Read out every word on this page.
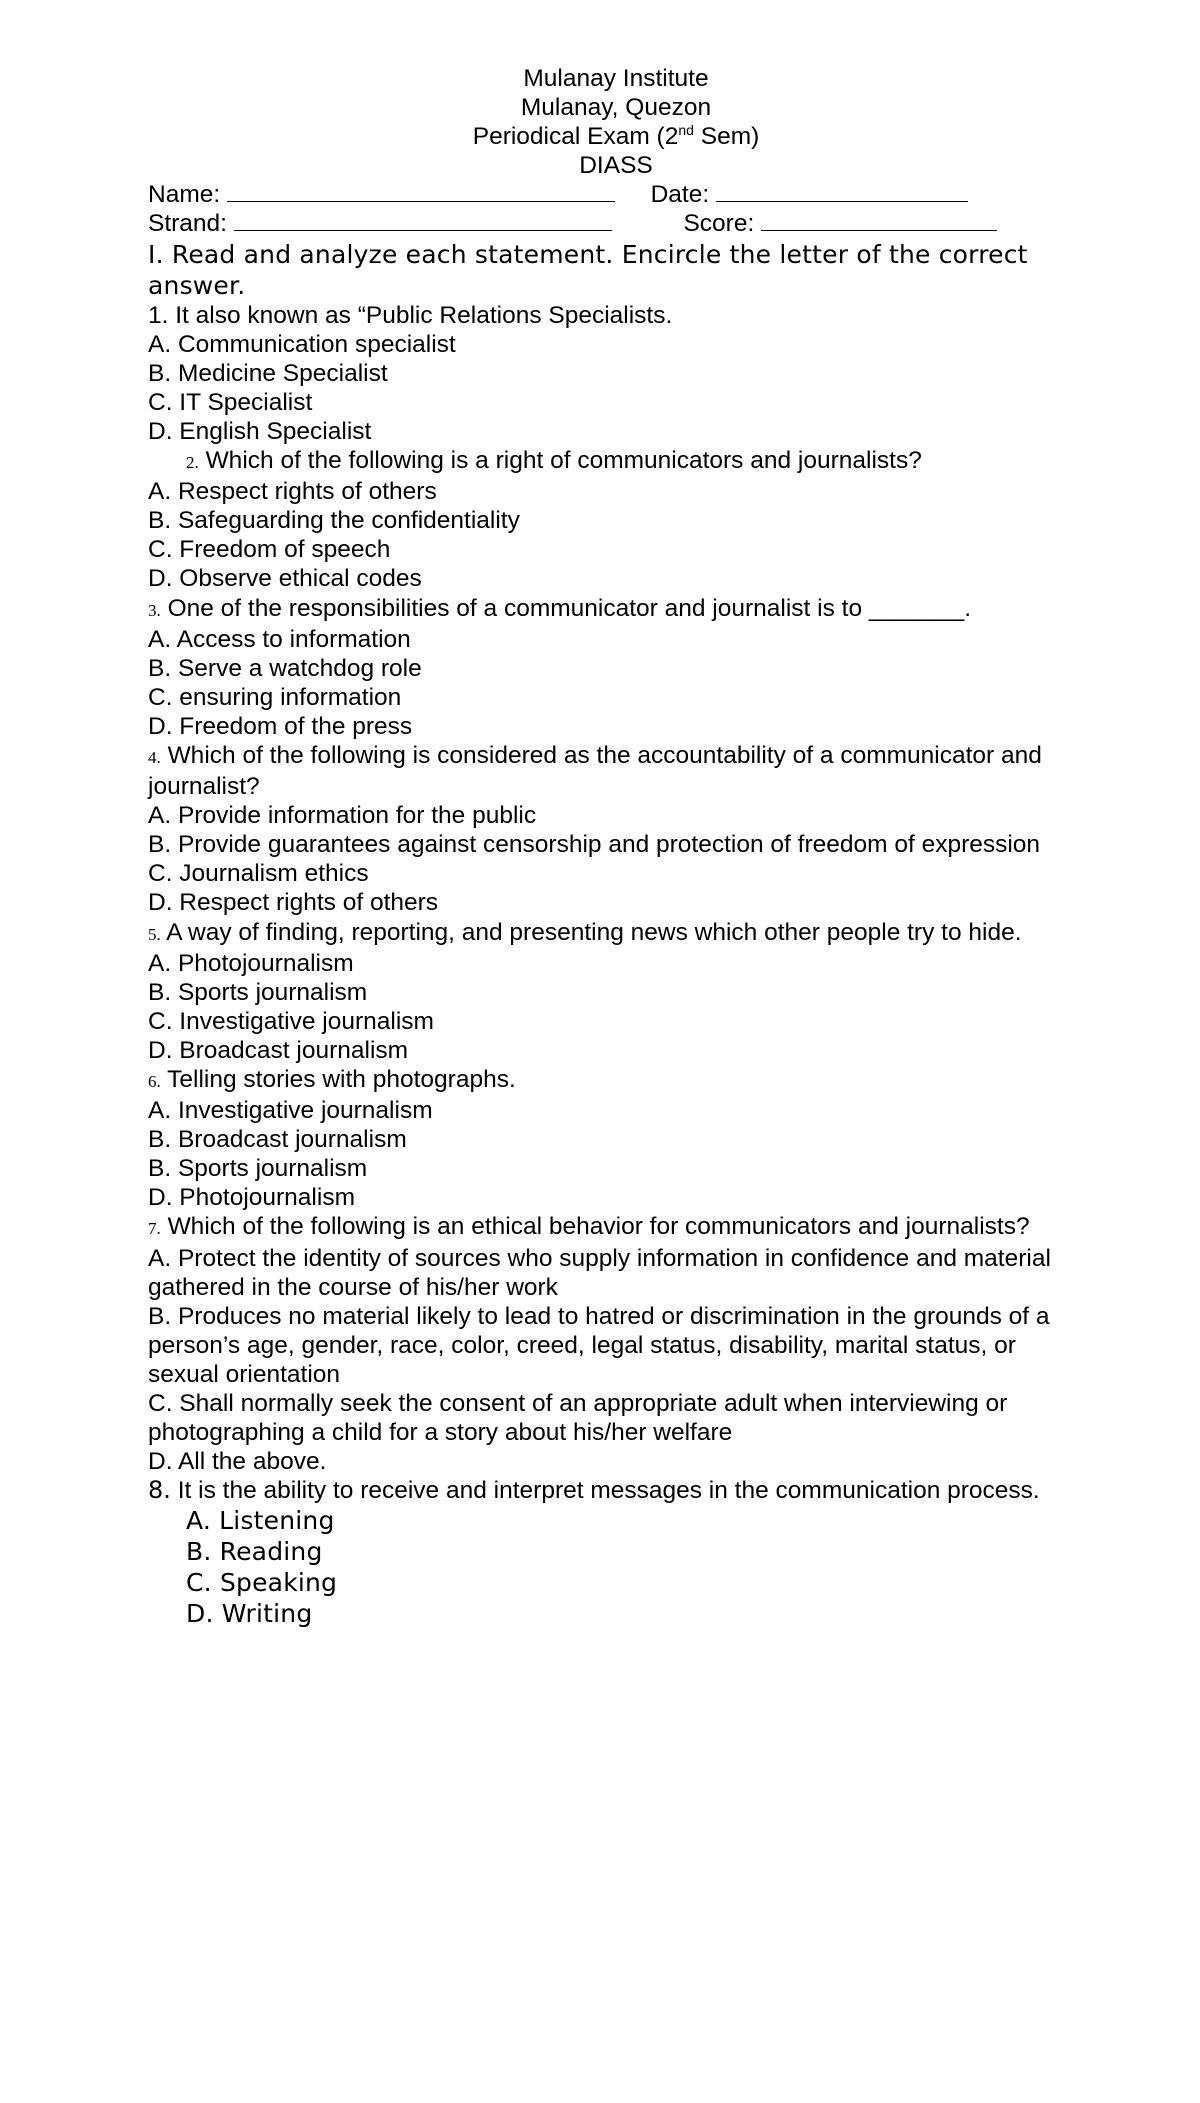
Mulanay Institute
Mulanay, Quezon
Periodical Exam (2nd Sem)
DIASS
Name:	Date:
Strand:	Score:
I. Read and analyze each statement. Encircle the letter of the correct answer.
1. It also known as “Public Relations Specialists.
A. Communication specialist
B. Medicine Specialist
C. IT Specialist
D. English Specialist
2. Which of the following is a right of communicators and journalists?
A. Respect rights of others
B. Safeguarding the confidentiality
C. Freedom of speech
D. Observe ethical codes
3. One of the responsibilities of a communicator and journalist is to _______.
A. Access to information
B. Serve a watchdog role
C. ensuring information
D. Freedom of the press
4. Which of the following is considered as the accountability of a communicator and journalist?
A. Provide information for the public
B. Provide guarantees against censorship and protection of freedom of expression
C. Journalism ethics
D. Respect rights of others
5. A way of finding, reporting, and presenting news which other people try to hide.
A. Photojournalism
B. Sports journalism
C. Investigative journalism
D. Broadcast journalism
6. Telling stories with photographs.
A. Investigative journalism
B. Broadcast journalism
B. Sports journalism
D. Photojournalism
7. Which of the following is an ethical behavior for communicators and journalists?
A. Protect the identity of sources who supply information in confidence and material gathered in the course of his/her work
B. Produces no material likely to lead to hatred or discrimination in the grounds of a person’s age, gender, race, color, creed, legal status, disability, marital status, or sexual orientation
C. Shall normally seek the consent of an appropriate adult when interviewing or photographing a child for a story about his/her welfare
D. All the above.
8. It is the ability to receive and interpret messages in the communication process.
A. Listening
B. Reading
C. Speaking
D. Writing
